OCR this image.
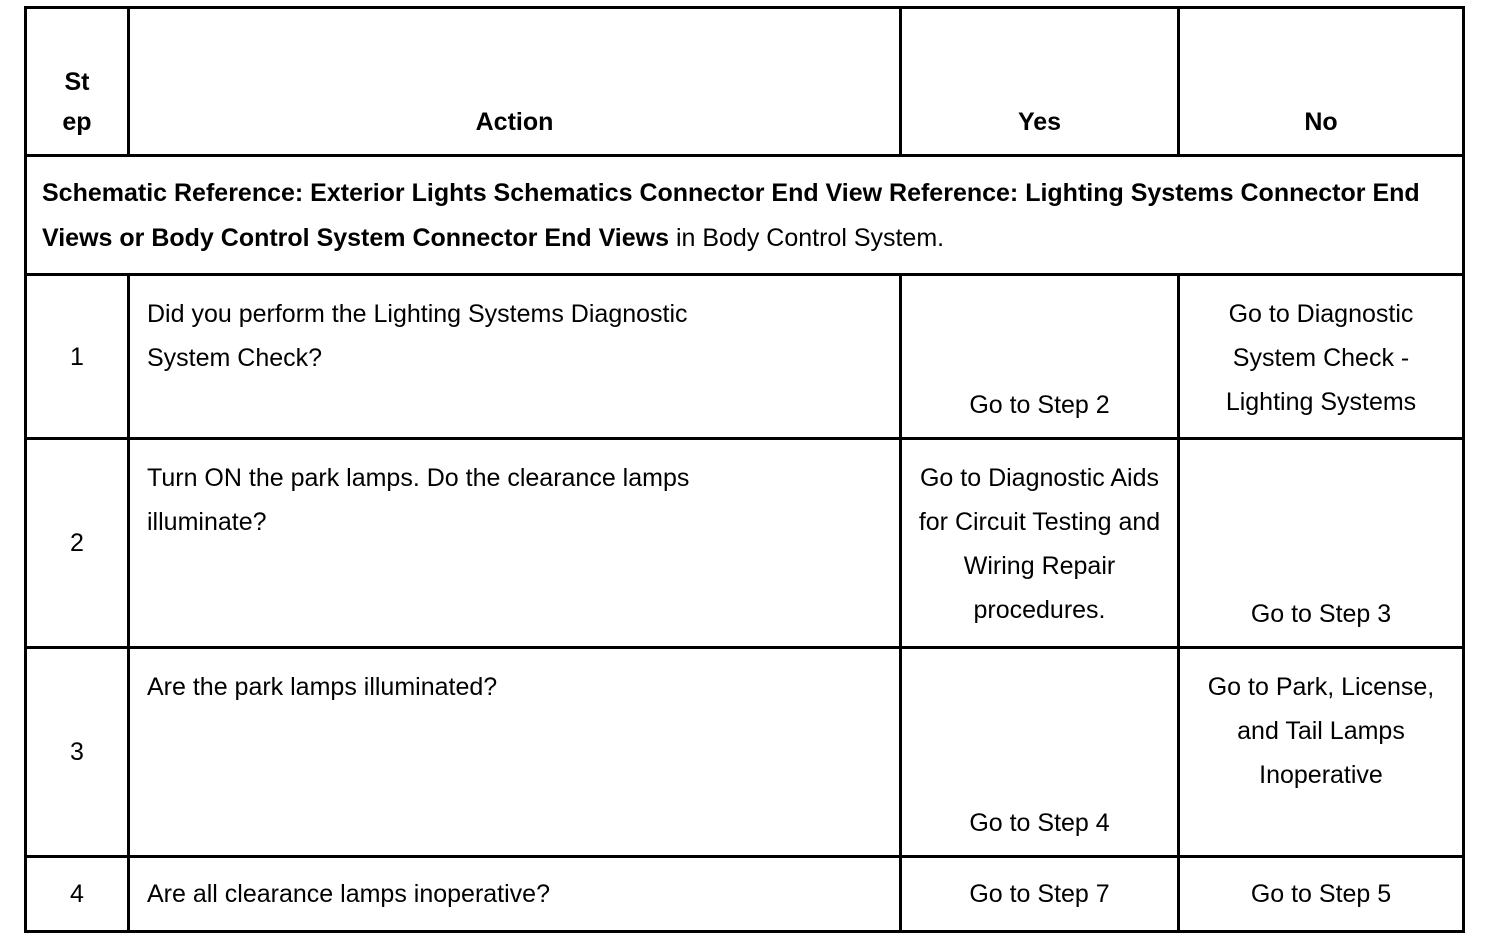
St ep	Action	Yes	No
Schematic Reference: Exterior Lights Schematics Connector End View Reference: Lighting Systems Connector End Views or Body Control System Connector End Views in Body Control System.			
1	Did you perform the Lighting Systems Diagnostic System Check?	Go to Step 2	Go to Diagnostic System Check - Lighting Systems
2	Turn ON the park lamps. Do the clearance lamps illuminate?	Go to Diagnostic Aids for Circuit Testing and Wiring Repair procedures.	Go to Step 3
3	Are the park lamps illuminated?	Go to Step 4	Go to Park, License, and Tail Lamps Inoperative
4	Are all clearance lamps inoperative?	Go to Step 7	Go to Step 5
